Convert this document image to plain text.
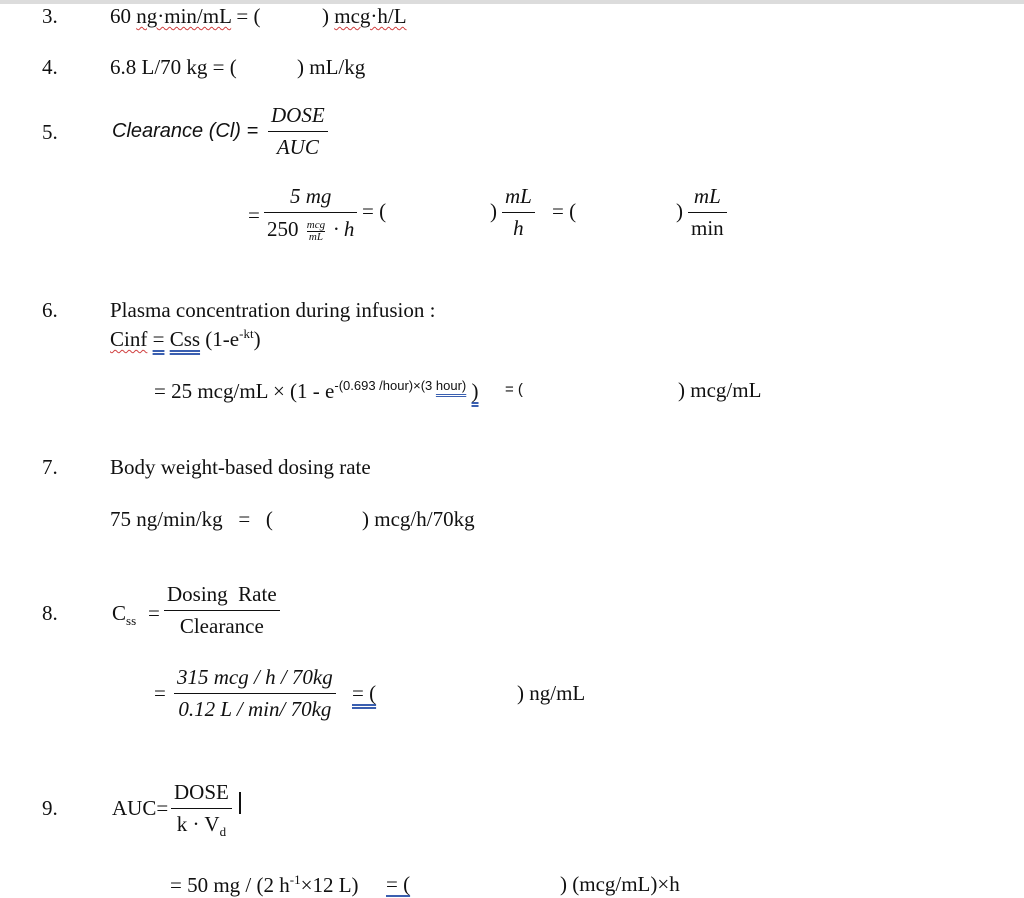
3. 60 ng·min/mL = (	) mcg·h/L
4. 6.8 L/70 kg = (	) mL/kg
5.	Clearance (Cl) =
DOSE
AUC
=
5 mg
250 mcg
mL · h
= (	) $\frac{mL}{h}$ = (	)
mL
min
6. Plasma concentration during infusion :
Cinf = Css $(1-e^{-kt})$
= 25 $mcg/mL \times (1 - e^{-(0.693 /hour)\times(3 hour)}$ ) = (	) mcg/mL
7. Body weight-based dosing rate
75 ng/min/kg   =   (	) mcg/h/70kg
8.	$C_{ss}$ =
Dosing  Rate
Clearance
=
315 mcg / h / 70kg
0.12 L / min/ 70kg
= (	) ng/mL
9.	AUC=
DOSE
$k \cdot V_d$
= 50 mg / (2 $h^{-1}\times 12$ L) = (	) (mcg/mL)×h
